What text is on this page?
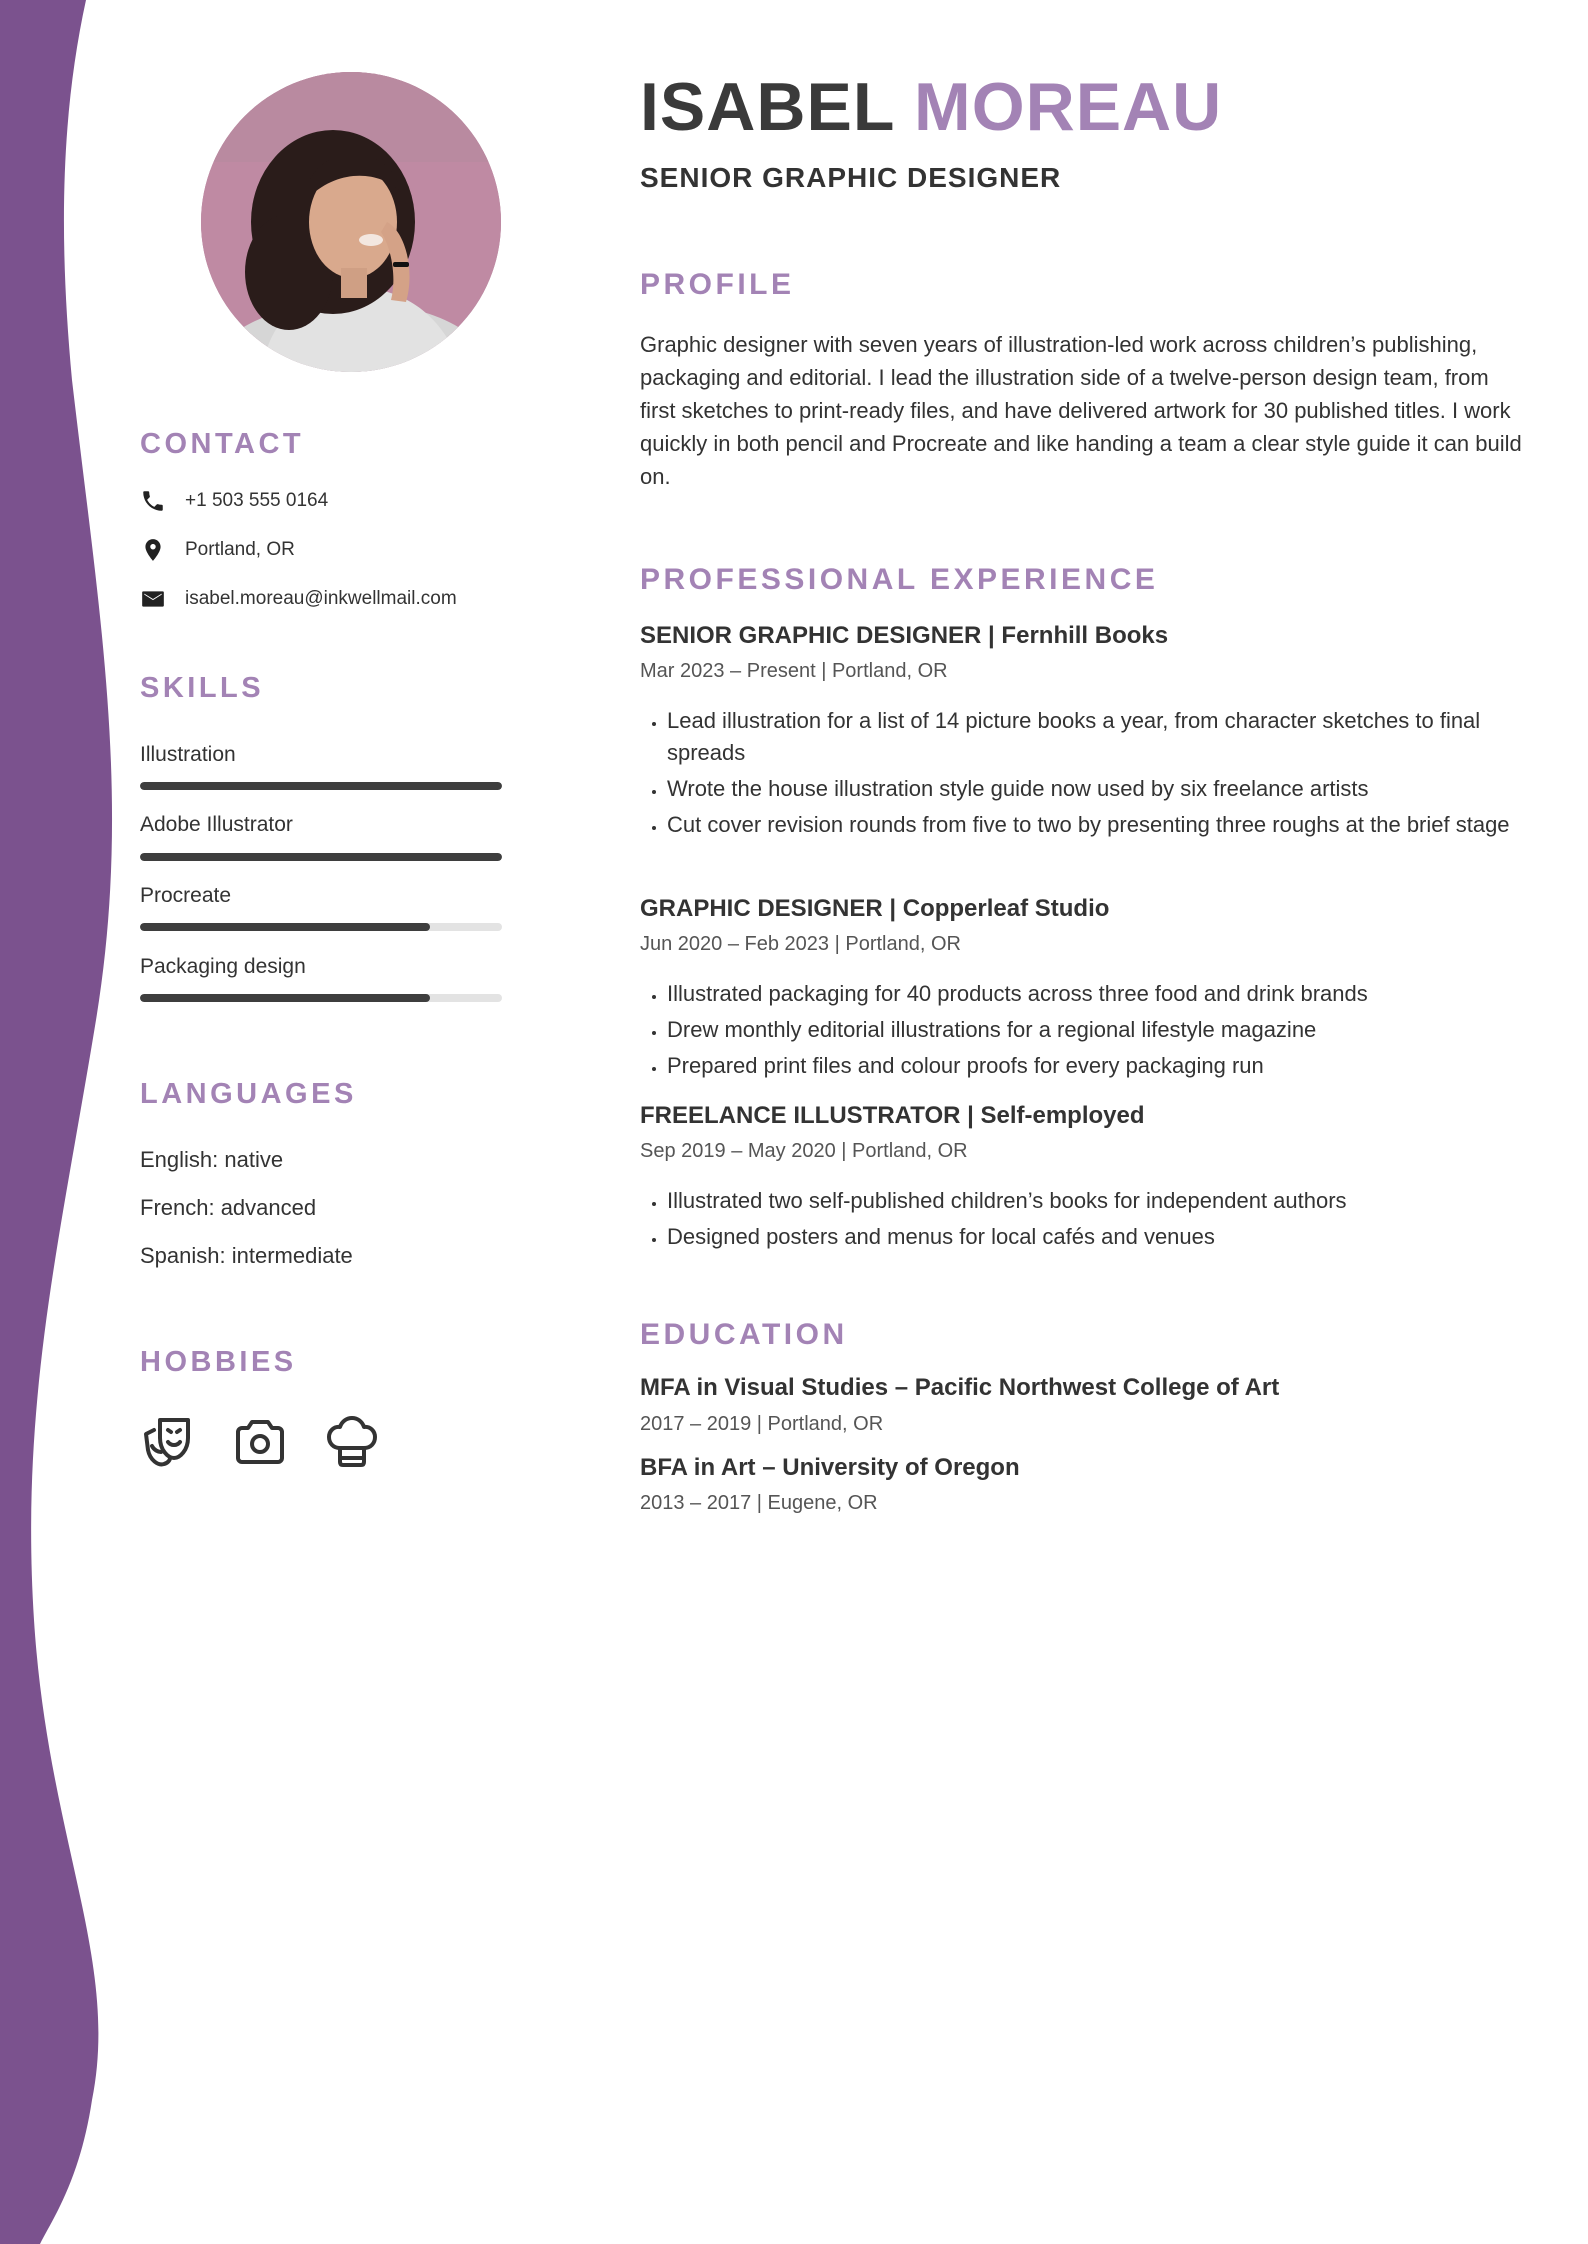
CONTACT
+1 503 555 0164
Portland, OR
isabel.moreau@inkwellmail.com
SKILLS
Illustration
Adobe Illustrator
Procreate
Packaging design
LANGUAGES
English: native
French: advanced
Spanish: intermediate
HOBBIES
ISABEL MOREAU
SENIOR GRAPHIC DESIGNER
PROFILE

Graphic designer with seven years of illustration-led work across children’s publishing, packaging and editorial. I lead the illustration side of a twelve-person design team, from first sketches to print-ready files, and have delivered artwork for 30 published titles. I work quickly in both pencil and Procreate and like handing a team a clear style guide it can build on.

PROFESSIONAL EXPERIENCE

SENIOR GRAPHIC DESIGNER | Fernhill Books

Mar 2023 – Present | Portland, OR

• Lead illustration for a list of 14 picture books a year, from character sketches to final spreads
• Wrote the house illustration style guide now used by six freelance artists
• Cut cover revision rounds from five to two by presenting three roughs at the brief stage

GRAPHIC DESIGNER | Copperleaf Studio

Jun 2020 – Feb 2023 | Portland, OR

• Illustrated packaging for 40 products across three food and drink brands
• Drew monthly editorial illustrations for a regional lifestyle magazine
• Prepared print files and colour proofs for every packaging run

FREELANCE ILLUSTRATOR | Self-employed

Sep 2019 – May 2020 | Portland, OR

• Illustrated two self-published children’s books for independent authors
• Designed posters and menus for local cafés and venues
EDUCATION

MFA in Visual Studies – Pacific Northwest College of Art

2017 – 2019 | Portland, OR

BFA in Art – University of Oregon

2013 – 2017 | Eugene, OR
